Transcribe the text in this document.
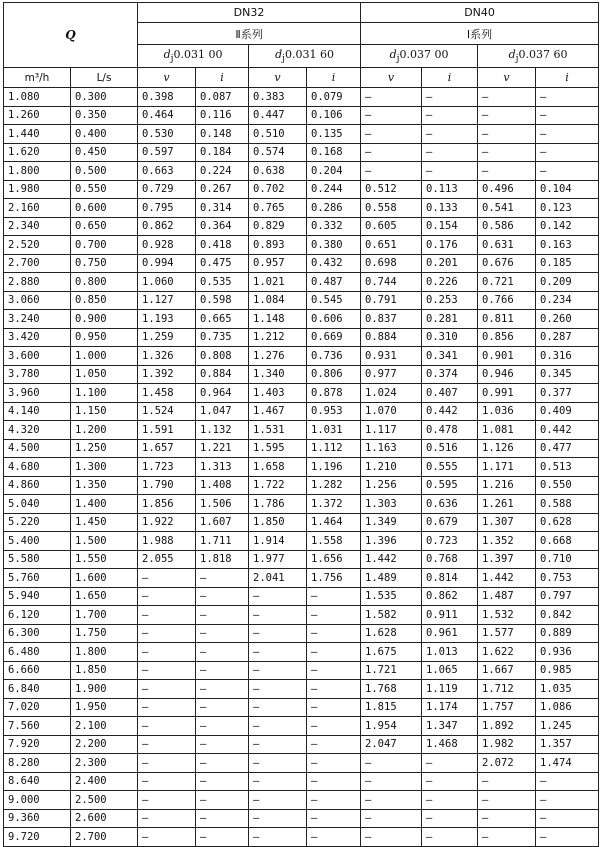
Q		DN32				DN40			
		Ⅱ系列				Ⅰ系列			
		$d_j0.031$ 00		$d_j0.031$ 60		$d_j0.037$ 00		$d_j0.037$ 60	
m³/h	L/s	v	i	v	i	v	i	v	i
1.080	0.300	0.398	0.087	0.383	0.079	—	—	—	—
1.260	0.350	0.464	0.116	0.447	0.106	—	—	—	—
1.440	0.400	0.530	0.148	0.510	0.135	—	—	—	—
1.620	0.450	0.597	0.184	0.574	0.168	—	—	—	—
1.800	0.500	0.663	0.224	0.638	0.204	—	—	—	—
1.980	0.550	0.729	0.267	0.702	0.244	0.512	0.113	0.496	0.104
2.160	0.600	0.795	0.314	0.765	0.286	0.558	0.133	0.541	0.123
2.340	0.650	0.862	0.364	0.829	0.332	0.605	0.154	0.586	0.142
2.520	0.700	0.928	0.418	0.893	0.380	0.651	0.176	0.631	0.163
2.700	0.750	0.994	0.475	0.957	0.432	0.698	0.201	0.676	0.185
2.880	0.800	1.060	0.535	1.021	0.487	0.744	0.226	0.721	0.209
3.060	0.850	1.127	0.598	1.084	0.545	0.791	0.253	0.766	0.234
3.240	0.900	1.193	0.665	1.148	0.606	0.837	0.281	0.811	0.260
3.420	0.950	1.259	0.735	1.212	0.669	0.884	0.310	0.856	0.287
3.600	1.000	1.326	0.808	1.276	0.736	0.931	0.341	0.901	0.316
3.780	1.050	1.392	0.884	1.340	0.806	0.977	0.374	0.946	0.345
3.960	1.100	1.458	0.964	1.403	0.878	1.024	0.407	0.991	0.377
4.140	1.150	1.524	1.047	1.467	0.953	1.070	0.442	1.036	0.409
4.320	1.200	1.591	1.132	1.531	1.031	1.117	0.478	1.081	0.442
4.500	1.250	1.657	1.221	1.595	1.112	1.163	0.516	1.126	0.477
4.680	1.300	1.723	1.313	1.658	1.196	1.210	0.555	1.171	0.513
4.860	1.350	1.790	1.408	1.722	1.282	1.256	0.595	1.216	0.550
5.040	1.400	1.856	1.506	1.786	1.372	1.303	0.636	1.261	0.588
5.220	1.450	1.922	1.607	1.850	1.464	1.349	0.679	1.307	0.628
5.400	1.500	1.988	1.711	1.914	1.558	1.396	0.723	1.352	0.668
5.580	1.550	2.055	1.818	1.977	1.656	1.442	0.768	1.397	0.710
5.760	1.600	—	—	2.041	1.756	1.489	0.814	1.442	0.753
5.940	1.650	—	—	—	—	1.535	0.862	1.487	0.797
6.120	1.700	—	—	—	—	1.582	0.911	1.532	0.842
6.300	1.750	—	—	—	—	1.628	0.961	1.577	0.889
6.480	1.800	—	—	—	—	1.675	1.013	1.622	0.936
6.660	1.850	—	—	—	—	1.721	1.065	1.667	0.985
6.840	1.900	—	—	—	—	1.768	1.119	1.712	1.035
7.020	1.950	—	—	—	—	1.815	1.174	1.757	1.086
7.560	2.100	—	—	—	—	1.954	1.347	1.892	1.245
7.920	2.200	—	—	—	—	2.047	1.468	1.982	1.357
8.280	2.300	—	—	—	—	—	—	2.072	1.474
8.640	2.400	—	—	—	—	—	—	—	—
9.000	2.500	—	—	—	—	—	—	—	—
9.360	2.600	—	—	—	—	—	—	—	—
9.720	2.700	—	—	—	—	—	—	—	—
